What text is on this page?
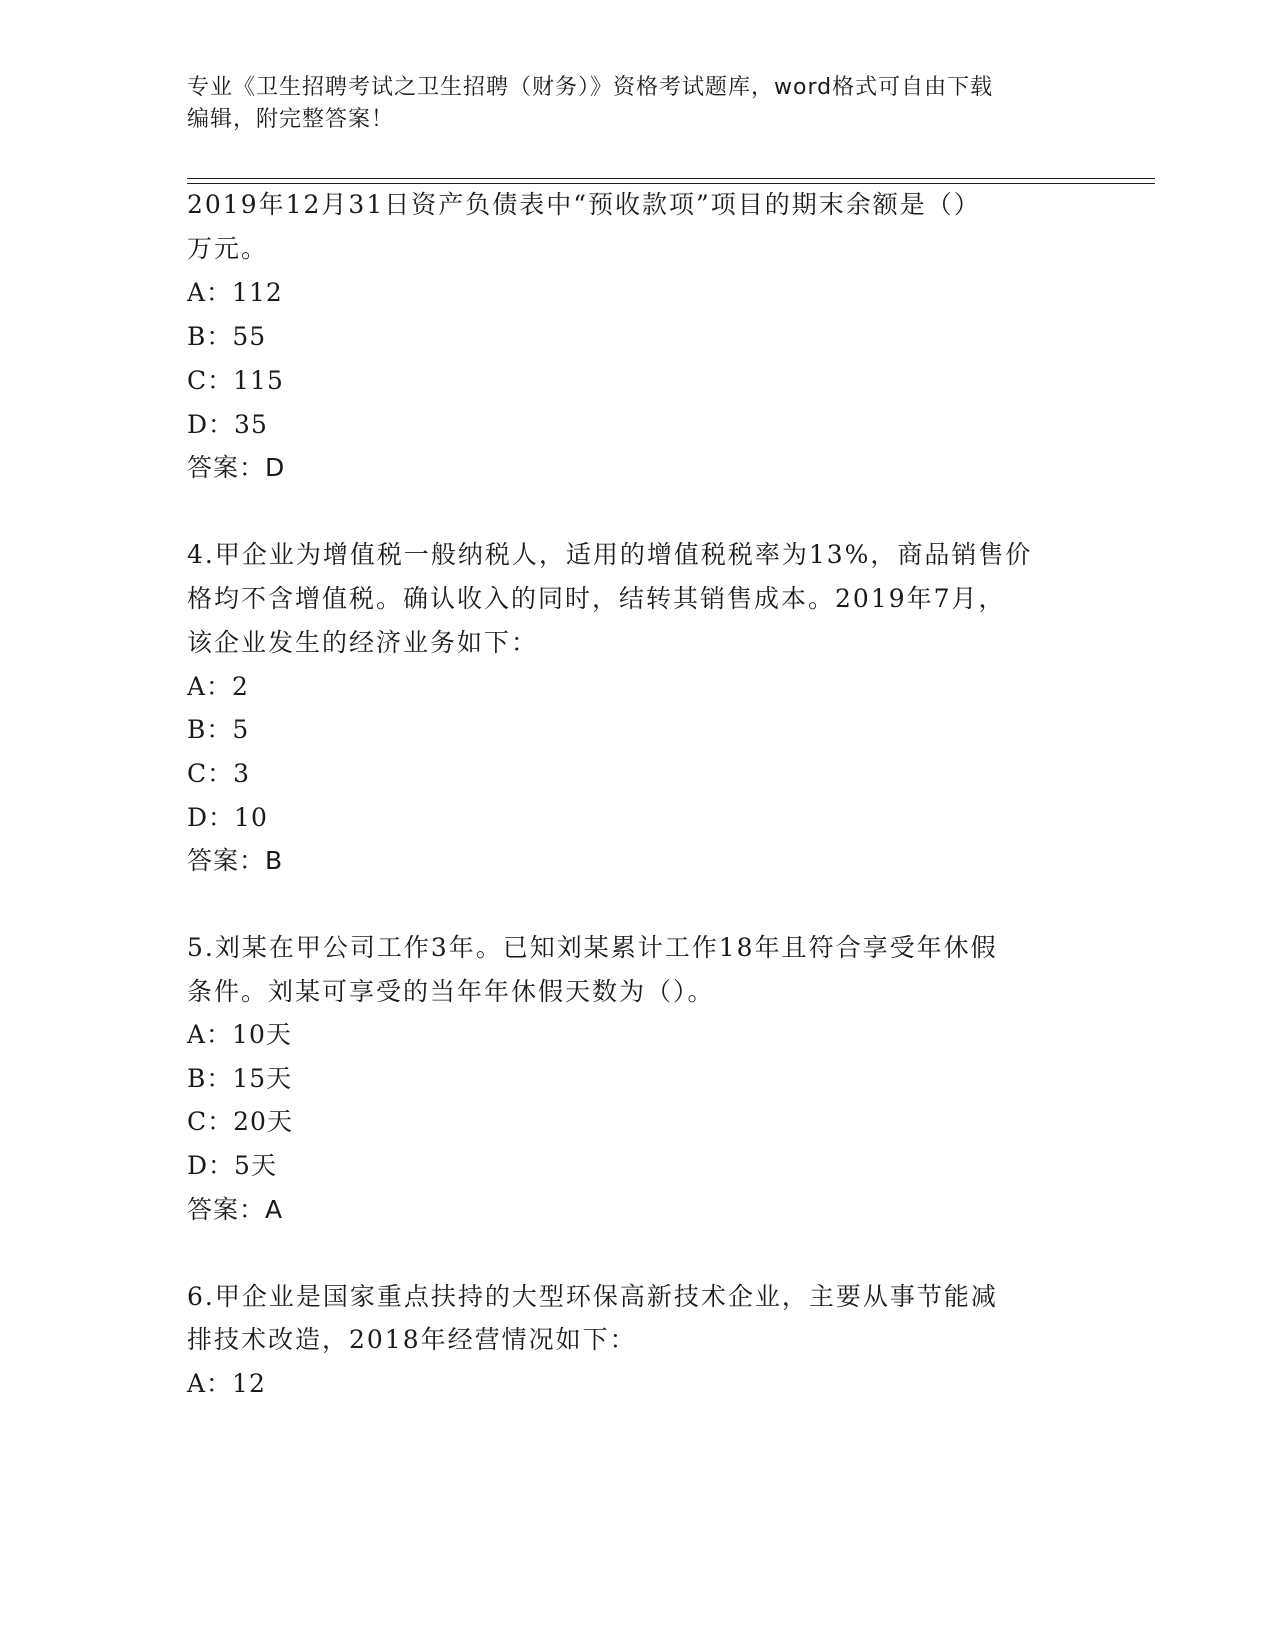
专业《卫生招聘考试之卫生招聘（财务）》资格考试题库，word格式可自由下载
编辑，附完整答案！
2019年12月31日资产负债表中“预收款项”项目的期末余额是（）
万元。
A：112
B：55
C：115
D：35
答案：D
4.甲企业为增值税一般纳税人，适用的增值税税率为13%，商品销售价
格均不含增值税。确认收入的同时，结转其销售成本。2019年7月，
该企业发生的经济业务如下：
A：2
B：5
C：3
D：10
答案：B
5.刘某在甲公司工作3年。已知刘某累计工作18年且符合享受年休假
条件。刘某可享受的当年年休假天数为（）。
A：10天
B：15天
C：20天
D：5天
答案：A
6.甲企业是国家重点扶持的大型环保高新技术企业，主要从事节能减
排技术改造，2018年经营情况如下：
A：12
